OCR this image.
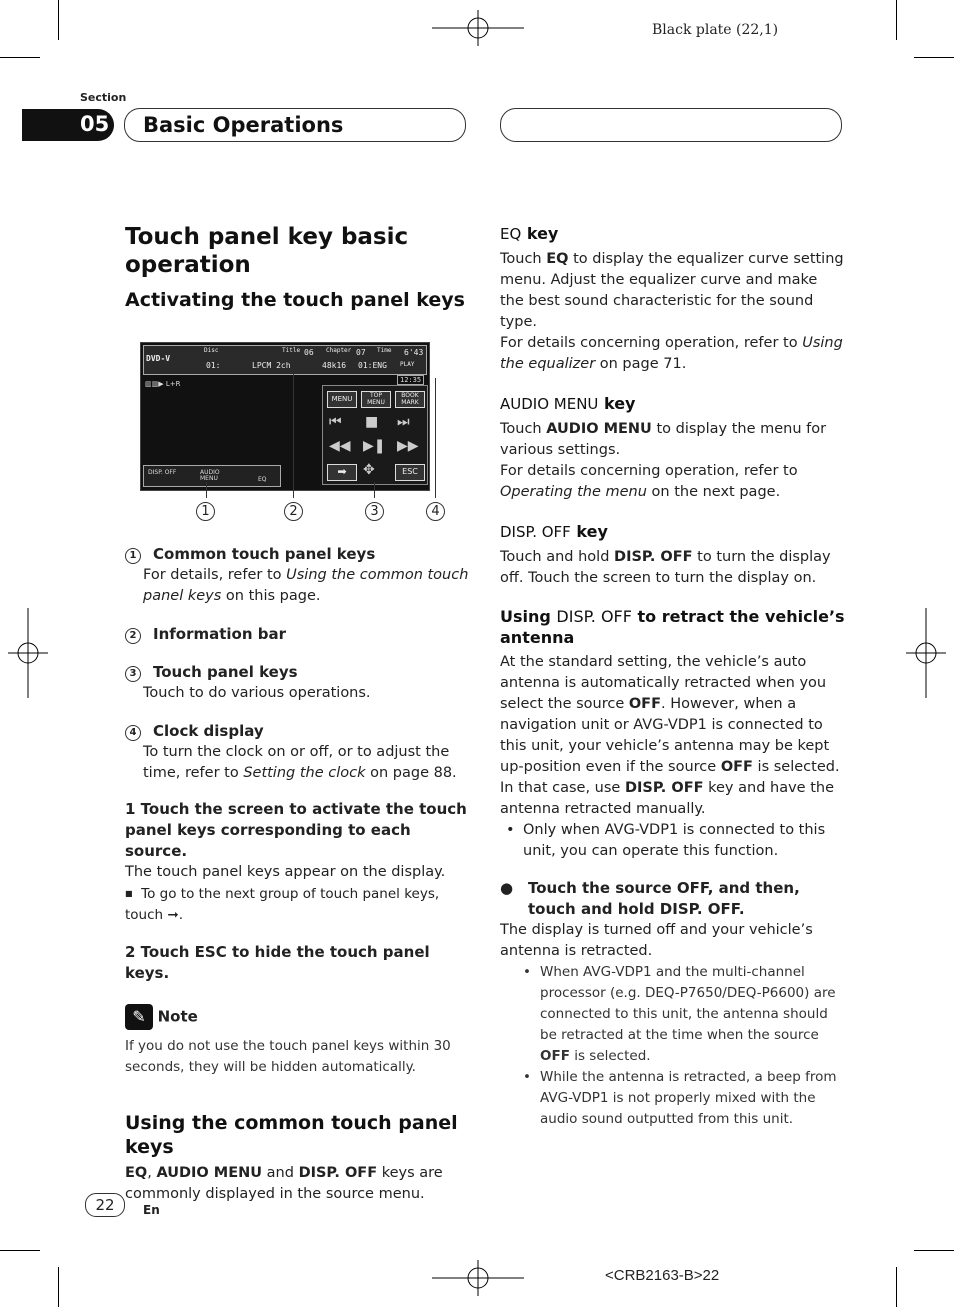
Black plate (22,1)
Section
05 Basic Operations
Touch panel key basic operation
Activating the touch panel keys
DVD-V
Disc	Title 06 Chapter 07 Time 6'43
01:	LPCM 2ch	48k16 01:ENG PLAY
12:35
▥▥▶ L+R
MENU	TOP MENU
BOOK MARK
⏮ ■ ⏭
◀◀ ▶❚ ▶▶
➡	✥	ESC
DISP. OFF	AUDIO MENU	EQ
1	2	3	4
1 Common touch panel keys
For details, refer to Using the common touch panel keys on this page.
2 Information bar
3 Touch panel keys
Touch to do various operations.
4 Clock display
To turn the clock on or off, or to adjust the time, refer to Setting the clock on page 88.
1 Touch the screen to activate the touch panel keys corresponding to each source.
The touch panel keys appear on the display.
■ To go to the next group of touch panel keys, touch ➞.
2 Touch ESC to hide the touch panel keys.
✎ Note
If you do not use the touch panel keys within 30 seconds, they will be hidden automatically.
Using the common touch panel keys
EQ, AUDIO MENU and DISP. OFF keys are commonly displayed in the source menu.
EQ key
Touch EQ to display the equalizer curve setting menu. Adjust the equalizer curve and make the best sound characteristic for the sound type.
For details concerning operation, refer to Using the equalizer on page 71.
AUDIO MENU key
Touch AUDIO MENU to display the menu for various settings.
For details concerning operation, refer to Operating the menu on the next page.
DISP. OFF key
Touch and hold DISP. OFF to turn the display off. Touch the screen to turn the display on.
Using DISP. OFF to retract the vehicle’s antenna
At the standard setting, the vehicle’s auto antenna is automatically retracted when you select the source OFF. However, when a navigation unit or AVG-VDP1 is connected to this unit, your vehicle’s antenna may be kept up-position even if the source OFF is selected. In that case, use DISP. OFF key and have the antenna retracted manually.
• Only when AVG-VDP1 is connected to this unit, you can operate this function.
● Touch the source OFF, and then, touch and hold DISP. OFF.
The display is turned off and your vehicle’s antenna is retracted.
• When AVG-VDP1 and the multi-channel processor (e.g. DEQ-P7650/DEQ-P6600) are connected to this unit, the antenna should be retracted at the time when the source OFF is selected.
• While the antenna is retracted, a beep from AVG-VDP1 is not properly mixed with the audio sound outputted from this unit.
22	En
<CRB2163-B>22
